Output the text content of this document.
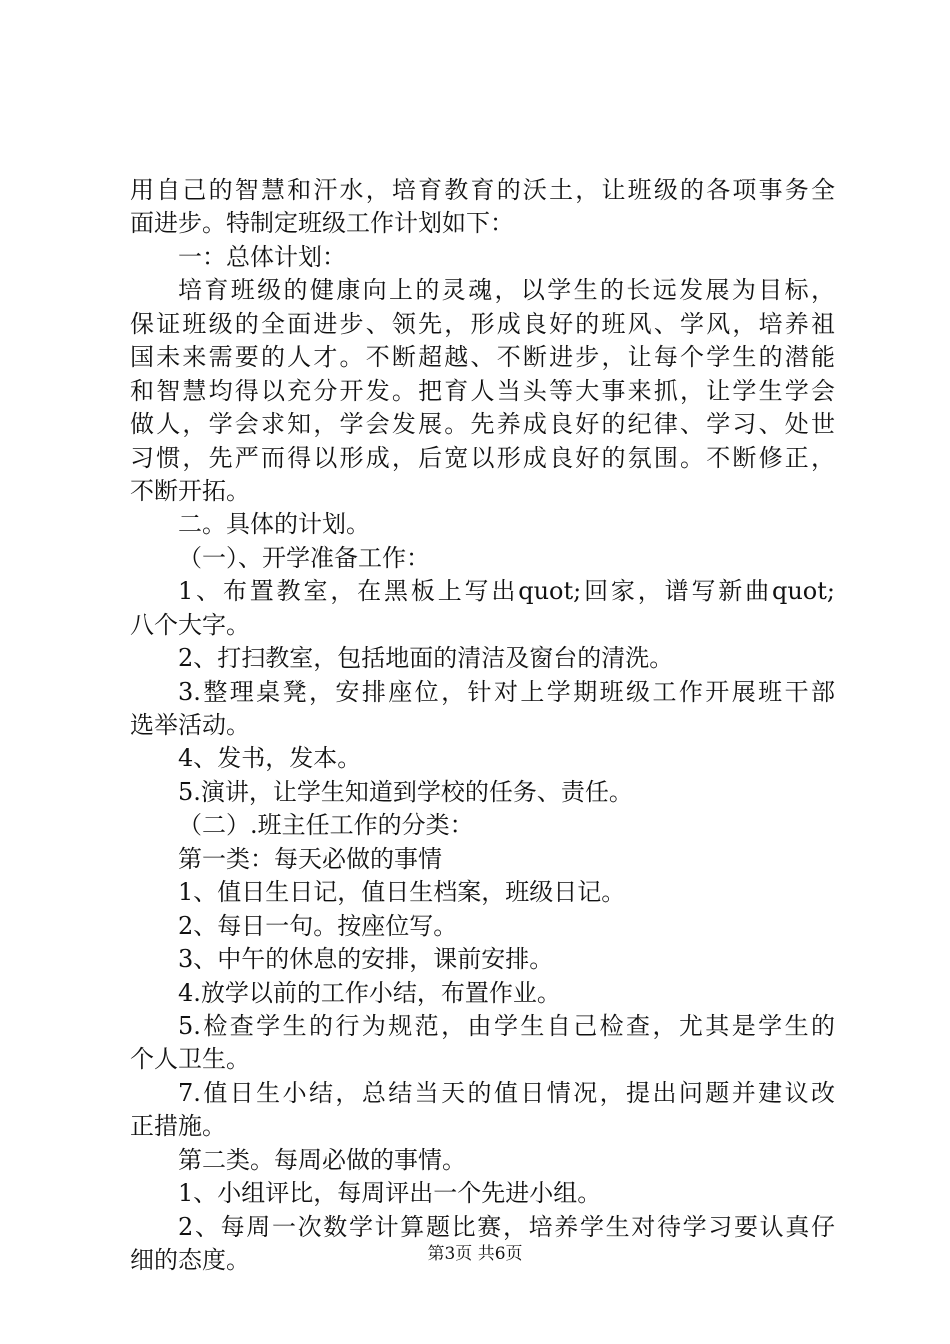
用自己的智慧和汗水，培育教育的沃土，让班级的各项事务全
面进步。特制定班级工作计划如下：
一：总体计划：
培育班级的健康向上的灵魂，以学生的长远发展为目标，
保证班级的全面进步、领先，形成良好的班风、学风，培养祖
国未来需要的人才。不断超越、不断进步，让每个学生的潜能
和智慧均得以充分开发。把育人当头等大事来抓，让学生学会
做人，学会求知，学会发展。先养成良好的纪律、学习、处世
习惯，先严而得以形成，后宽以形成良好的氛围。不断修正，
不断开拓。
二。具体的计划。
（一）、开学准备工作：
1、布置教室，在黑板上写出quot;回家，谱写新曲quot;
八个大字。
2、打扫教室，包括地面的清洁及窗台的清洗。
3.整理桌凳，安排座位，针对上学期班级工作开展班干部
选举活动。
4、发书，发本。
5.演讲，让学生知道到学校的任务、责任。
（二）.班主任工作的分类：
第一类：每天必做的事情
1、值日生日记，值日生档案，班级日记。
2、每日一句。按座位写。
3、中午的休息的安排，课前安排。
4.放学以前的工作小结，布置作业。
5.检查学生的行为规范，由学生自己检查，尤其是学生的
个人卫生。
7.值日生小结，总结当天的值日情况，提出问题并建议改
正措施。
第二类。每周必做的事情。
1、小组评比，每周评出一个先进小组。
2、每周一次数学计算题比赛，培养学生对待学习要认真仔
细的态度。	第3页 共6页
